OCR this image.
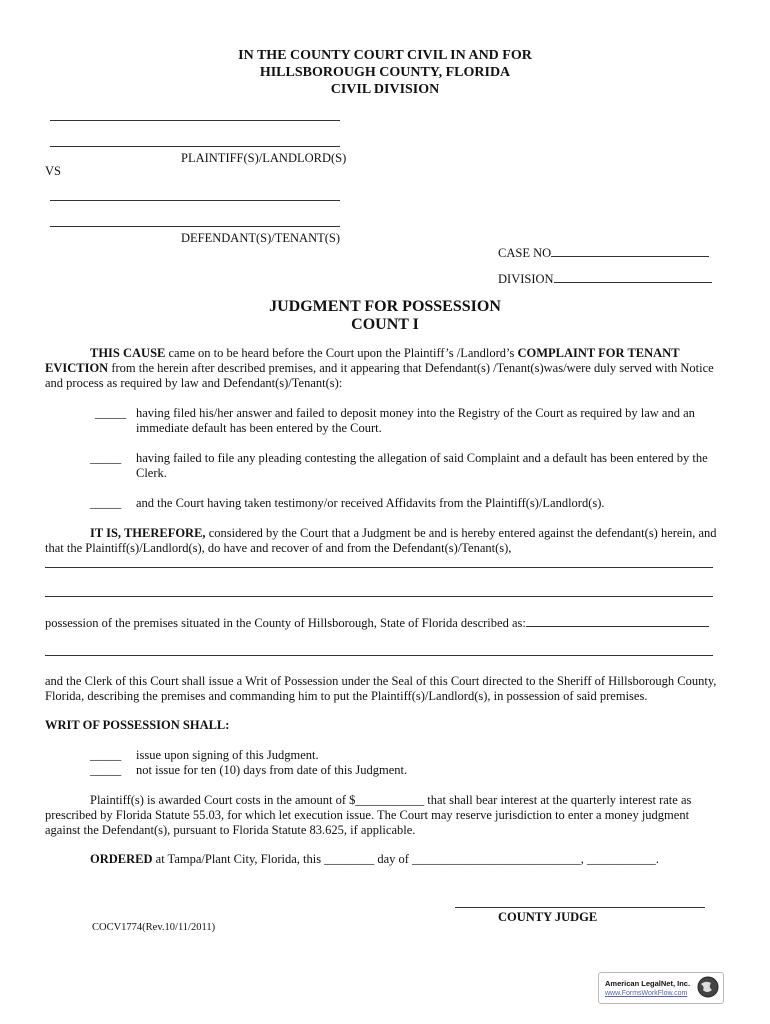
IN THE COUNTY COURT CIVIL IN AND FOR
HILLSBOROUGH COUNTY, FLORIDA
CIVIL DIVISION
PLAINTIFF(S)/LANDLORD(S)
VS
DEFENDANT(S)/TENANT(S)
CASE NO
DIVISION
JUDGMENT FOR POSSESSION
COUNT I
THIS CAUSE came on to be heard before the Court upon the Plaintiff’s /Landlord’s COMPLAINT FOR TENANT
EVICTION from the herein after described premises, and it appearing that Defendant(s) /Tenant(s)was/were duly served with Notice
and process as required by law and Defendant(s)/Tenant(s):
_____ having filed his/her answer and failed to deposit money into the Registry of the Court as required by law and an
immediate default has been entered by the Court.
_____ having failed to file any pleading contesting the allegation of said Complaint and a default has been entered by the
Clerk.
_____ and the Court having taken testimony/or received Affidavits from the Plaintiff(s)/Landlord(s).
IT IS, THEREFORE, considered by the Court that a Judgment be and is hereby entered against the defendant(s) herein, and
that the Plaintiff(s)/Landlord(s), do have and recover of and from the Defendant(s)/Tenant(s),
possession of the premises situated in the County of Hillsborough, State of Florida described as:
and the Clerk of this Court shall issue a Writ of Possession under the Seal of this Court directed to the Sheriff of Hillsborough County,
Florida, describing the premises and commanding him to put the Plaintiff(s)/Landlord(s), in possession of said premises.
WRIT OF POSSESSION SHALL:
_____ issue upon signing of this Judgment.
_____ not issue for ten (10) days from date of this Judgment.
Plaintiff(s) is awarded Court costs in the amount of $___________ that shall bear interest at the quarterly interest rate as
prescribed by Florida Statute 55.03, for which let execution issue. The Court may reserve jurisdiction to enter a money judgment
against the Defendant(s), pursuant to Florida Statute 83.625, if applicable.
ORDERED at Tampa/Plant City, Florida, this ________ day of ___________________________, ___________.
COUNTY JUDGE
COCV1774(Rev.10/11/2011)
American LegalNet, Inc.
www.FormsWorkFlow.com
